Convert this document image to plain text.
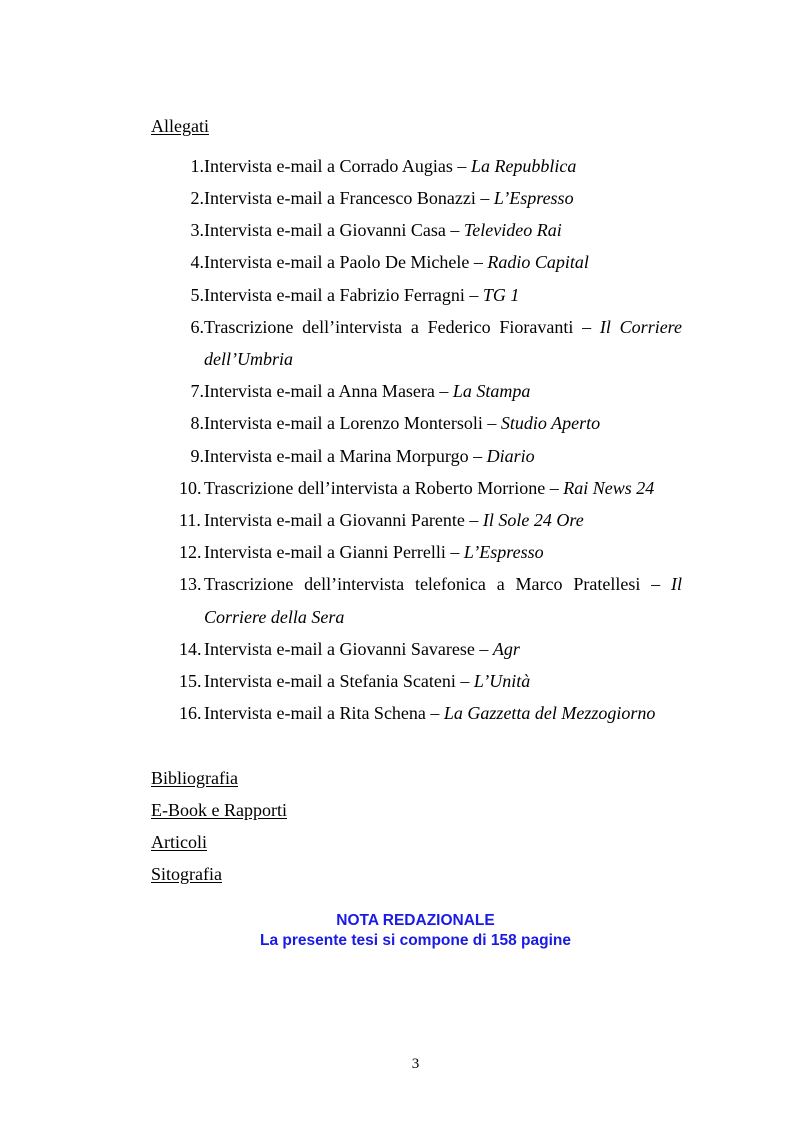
Allegati
1. Intervista e-mail a Corrado Augias – La Repubblica
2. Intervista e-mail a Francesco Bonazzi – L’Espresso
3. Intervista e-mail a Giovanni Casa – Televideo Rai
4. Intervista e-mail a Paolo De Michele – Radio Capital
5. Intervista e-mail a Fabrizio Ferragni – TG 1
6. Trascrizione dell’intervista a Federico Fioravanti – Il Corriere
dell’Umbria
7. Intervista e-mail a Anna Masera – La Stampa
8. Intervista e-mail a Lorenzo Montersoli – Studio Aperto
9. Intervista e-mail a Marina Morpurgo – Diario
10. Trascrizione dell’intervista a Roberto Morrione – Rai News 24
11. Intervista e-mail a Giovanni Parente – Il Sole 24 Ore
12. Intervista e-mail a Gianni Perrelli – L’Espresso
13. Trascrizione dell’intervista telefonica a Marco Pratellesi – Il
Corriere della Sera
14. Intervista e-mail a Giovanni Savarese – Agr
15. Intervista e-mail a Stefania Scateni – L’Unità
16. Intervista e-mail a Rita Schena – La Gazzetta del Mezzogiorno
Bibliografia
E-Book e Rapporti
Articoli
Sitografia
NOTA REDAZIONALE
La presente tesi si compone di 158 pagine
3
